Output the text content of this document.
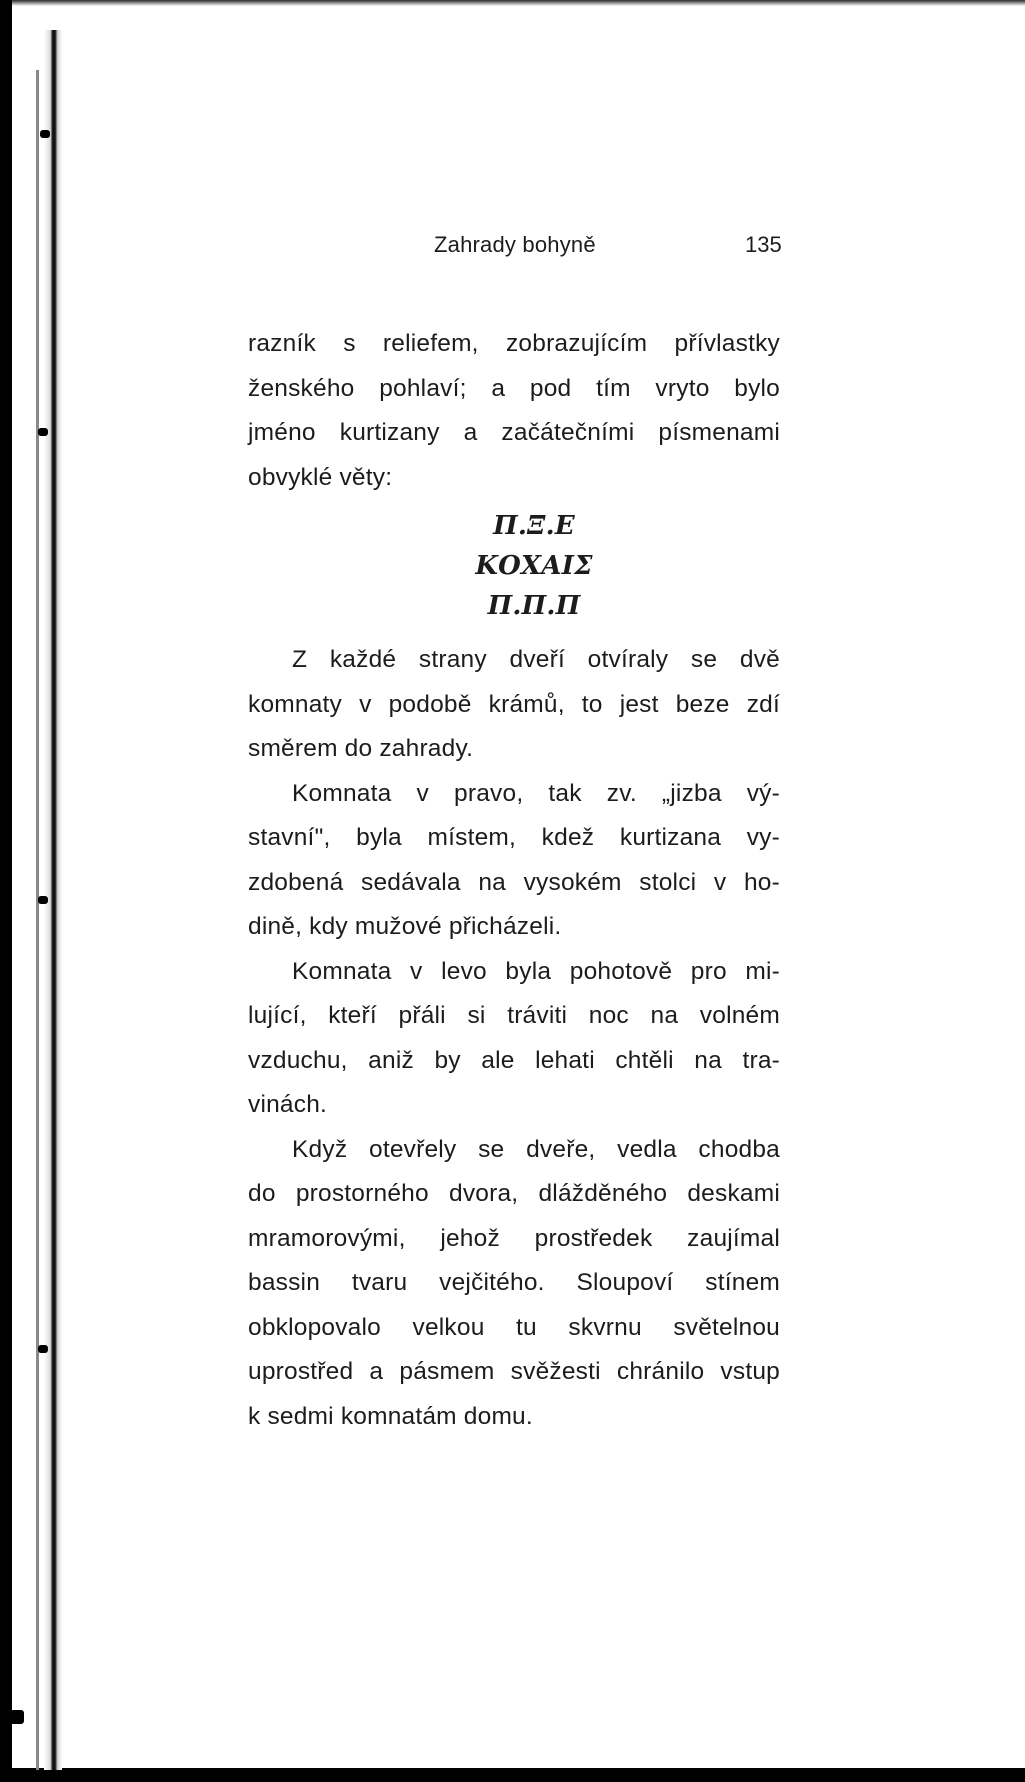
Zahrady bohyně	135

razník s reliefem, zobrazujícím přívlastky
ženského pohlaví; a pod tím vryto bylo
jméno kurtizany a začátečními písmenami
obvyklé věty:

Π.Ξ.Ε
ΚΟΧΑΙΣ
Π.Π.Π

Z každé strany dveří otvíraly se dvě
komnaty v podobě krámů, to jest beze zdí
směrem do zahrady.

Komnata v pravo, tak zv. „jizba vý-
stavní", byla místem, kdež kurtizana vy-
zdobená sedávala na vysokém stolci v ho-
dině, kdy mužové přicházeli.

Komnata v levo byla pohotově pro mi-
lující, kteří přáli si tráviti noc na volném
vzduchu, aniž by ale lehati chtěli na tra-
vinách.

Když otevřely se dveře, vedla chodba
do prostorného dvora, dlážděného deskami
mramorovými, jehož prostředek zaujímal
bassin tvaru vejčitého. Sloupoví stínem
obklopovalo velkou tu skvrnu světelnou
uprostřed a pásmem svěžesti chránilo vstup
k sedmi komnatám domu.
